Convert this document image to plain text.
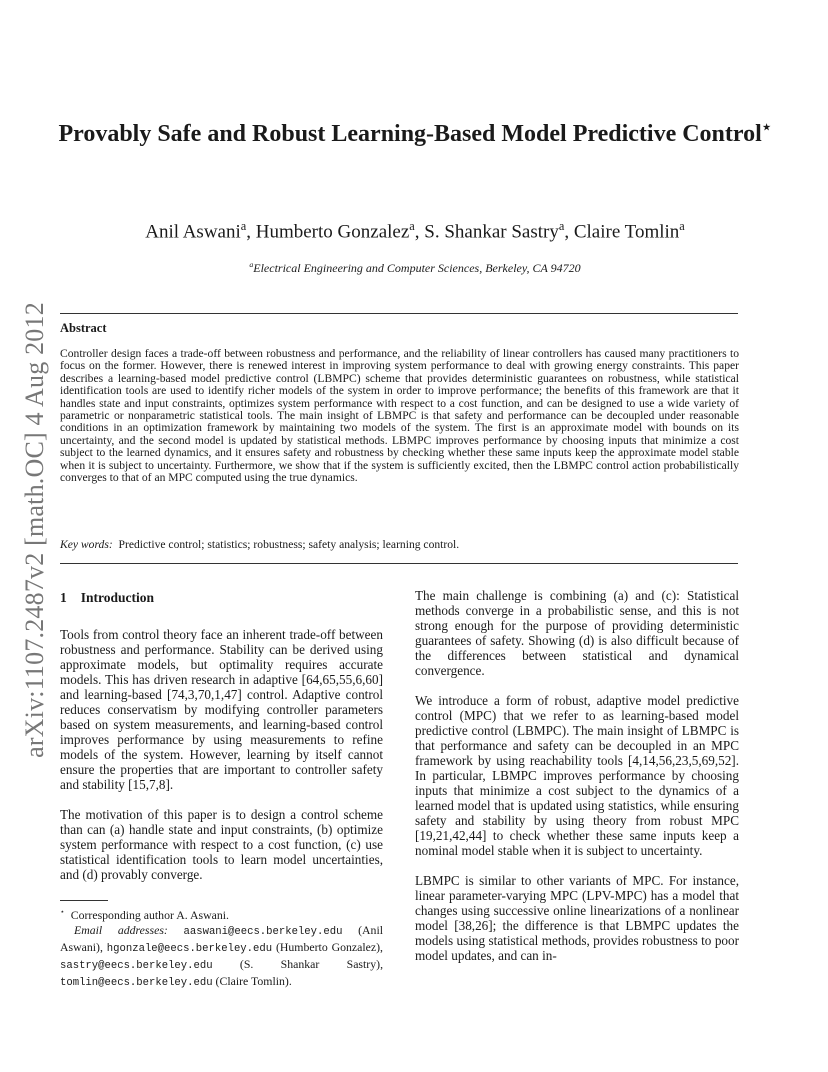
arXiv:1107.2487v2 [math.OC] 4 Aug 2012
Provably Safe and Robust Learning-Based Model Predictive Control⋆
Anil Aswani$^a$, Humberto Gonzalez$^a$, S. Shankar Sastry$^a$, Claire Tomlin$^a$
$^a$Electrical Engineering and Computer Sciences, Berkeley, CA 94720
Abstract
Controller design faces a trade-off between robustness and performance, and the reliability of linear controllers has caused many practitioners to focus on the former. However, there is renewed interest in improving system performance to deal with growing energy constraints. This paper describes a learning-based model predictive control (LBMPC) scheme that provides deterministic guarantees on robustness, while statistical identification tools are used to identify richer models of the system in order to improve performance; the benefits of this framework are that it handles state and input constraints, optimizes system performance with respect to a cost function, and can be designed to use a wide variety of parametric or nonparametric statistical tools. The main insight of LBMPC is that safety and performance can be decoupled under reasonable conditions in an optimization framework by maintaining two models of the system. The first is an approximate model with bounds on its uncertainty, and the second model is updated by statistical methods. LBMPC improves performance by choosing inputs that minimize a cost subject to the learned dynamics, and it ensures safety and robustness by checking whether these same inputs keep the approximate model stable when it is subject to uncertainty. Furthermore, we show that if the system is sufficiently excited, then the LBMPC control action probabilistically converges to that of an MPC computed using the true dynamics.
Key words: Predictive control; statistics; robustness; safety analysis; learning control.
1 Introduction

Tools from control theory face an inherent trade-off between robustness and performance. Stability can be derived using approximate models, but optimality requires accurate models. This has driven research in adaptive [64,65,55,6,60] and learning-based [74,3,70,1,47] control. Adaptive control reduces conservatism by modifying controller parameters based on system measurements, and learning-based control improves performance by using measurements to refine models of the system. However, learning by itself cannot ensure the properties that are important to controller safety and stability [15,7,8].

The motivation of this paper is to design a control scheme than can (a) handle state and input constraints, (b) optimize system performance with respect to a cost function, (c) use statistical identification tools to learn model uncertainties, and (d) provably converge.

The main challenge is combining (a) and (c): Statistical methods converge in a probabilistic sense, and this is not strong enough for the purpose of providing deterministic guarantees of safety. Showing (d) is also difficult because of the differences between statistical and dynamical convergence.

We introduce a form of robust, adaptive model predictive control (MPC) that we refer to as learning-based model predictive control (LBMPC). The main insight of LBMPC is that performance and safety can be decoupled in an MPC framework by using reachability tools [4,14,56,23,5,69,52]. In particular, LBMPC improves performance by choosing inputs that minimize a cost subject to the dynamics of a learned model that is updated using statistics, while ensuring safety and stability by using theory from robust MPC [19,21,42,44] to check whether these same inputs keep a nominal model stable when it is subject to uncertainty.

LBMPC is similar to other variants of MPC. For instance, linear parameter-varying MPC (LPV-MPC) has a model that changes using successive online linearizations of a nonlinear model [38,26]; the difference is that LBMPC updates the models using statistical methods, provides robustness to poor model updates, and can in-

⋆ Corresponding author A. Aswani.
Email addresses: aaswani@eecs.berkeley.edu (Anil Aswani), hgonzale@eecs.berkeley.edu (Humberto Gonzalez), sastry@eecs.berkeley.edu (S. Shankar Sastry), tomlin@eecs.berkeley.edu (Claire Tomlin).
